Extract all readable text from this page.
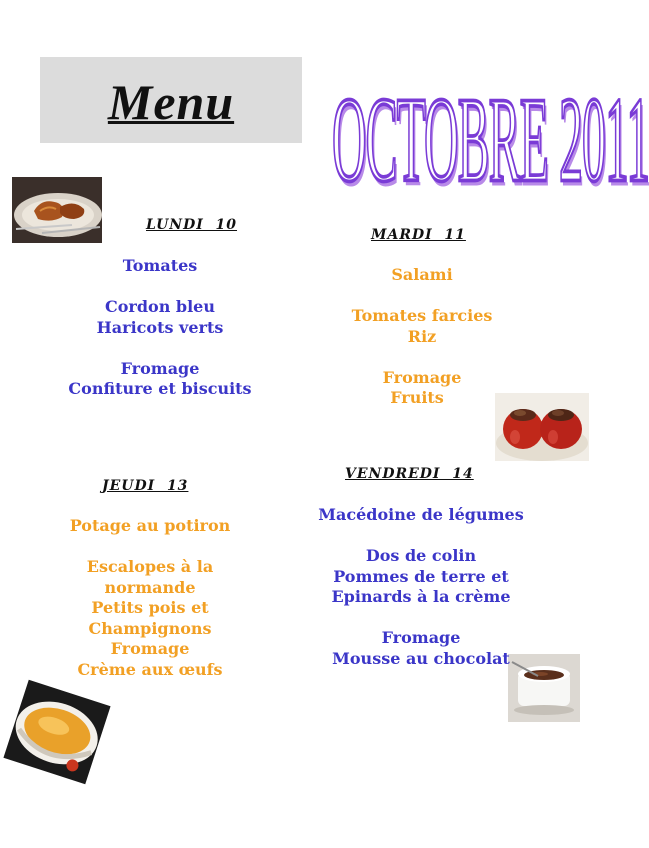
Menu	OCTOBRE 2011
LUNDI  10
Tomates
Cordon bleu
Haricots verts
Fromage
Confiture et biscuits
MARDI  11
Salami
Tomates farcies
Riz
Fromage
Fruits
JEUDI  13
Potage au potiron
Escalopes à la
normande
Petits pois et
Champignons
Fromage
Crème aux œufs
VENDREDI  14
Macédoine de légumes
Dos de colin
Pommes de terre et
Epinards à la crème
Fromage
Mousse au chocolat
